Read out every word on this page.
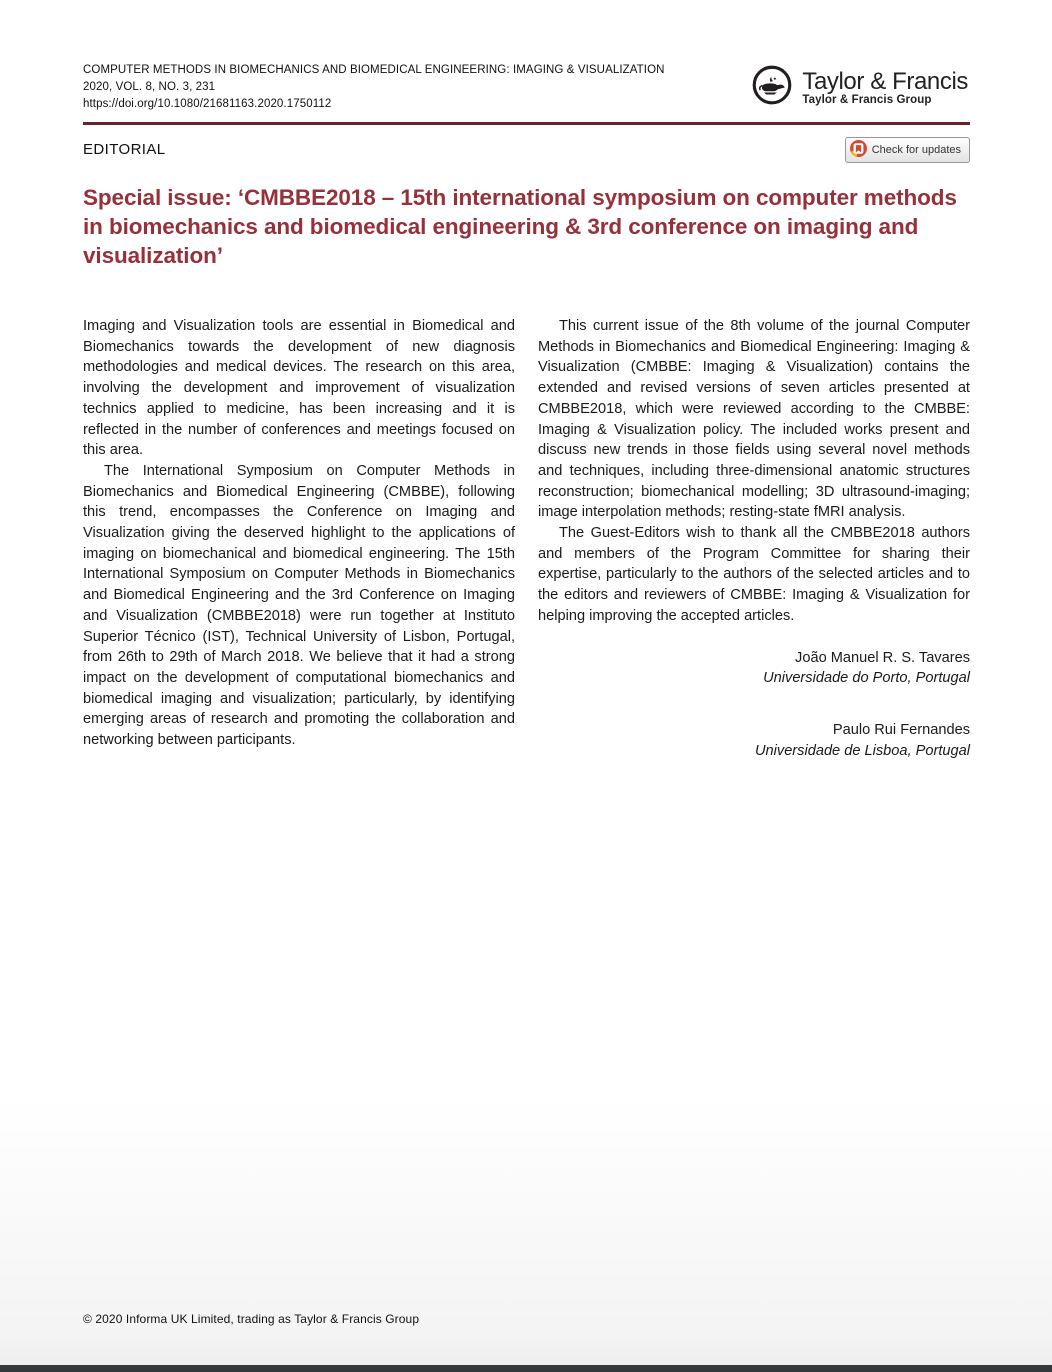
COMPUTER METHODS IN BIOMECHANICS AND BIOMEDICAL ENGINEERING: IMAGING & VISUALIZATION
2020, VOL. 8, NO. 3, 231
https://doi.org/10.1080/21681163.2020.1750112
Taylor & Francis
Taylor & Francis Group
EDITORIAL	Check for updates
Special issue: ‘CMBBE2018 – 15th international symposium on computer methods in biomechanics and biomedical engineering & 3rd conference on imaging and visualization’

Imaging and Visualization tools are essential in Biomedical and Biomechanics towards the development of new diagnosis methodologies and medical devices. The research on this area, involving the development and improvement of visualization technics applied to medicine, has been increasing and it is reflected in the number of conferences and meetings focused on this area.

The International Symposium on Computer Methods in Biomechanics and Biomedical Engineering (CMBBE), following this trend, encompasses the Conference on Imaging and Visualization giving the deserved highlight to the applications of imaging on biomechanical and biomedical engineering. The 15th International Symposium on Computer Methods in Biomechanics and Biomedical Engineering and the 3rd Conference on Imaging and Visualization (CMBBE2018) were run together at Instituto Superior Técnico (IST), Technical University of Lisbon, Portugal, from 26th to 29th of March 2018. We believe that it had a strong impact on the development of computational biomechanics and biomedical imaging and visualization; particularly, by identifying emerging areas of research and promoting the collaboration and networking between participants.

This current issue of the 8th volume of the journal Computer Methods in Biomechanics and Biomedical Engineering: Imaging & Visualization (CMBBE: Imaging & Visualization) contains the extended and revised versions of seven articles presented at CMBBE2018, which were reviewed according to the CMBBE: Imaging & Visualization policy. The included works present and discuss new trends in those fields using several novel methods and techniques, including three-dimensional anatomic structures reconstruction; biomechanical modelling; 3D ultrasound-imaging; image interpolation methods; resting-state fMRI analysis.

The Guest-Editors wish to thank all the CMBBE2018 authors and members of the Program Committee for sharing their expertise, particularly to the authors of the selected articles and to the editors and reviewers of CMBBE: Imaging & Visualization for helping improving the accepted articles.

João Manuel R. S. Tavares
Universidade do Porto, Portugal
Paulo Rui Fernandes
Universidade de Lisboa, Portugal
© 2020 Informa UK Limited, trading as Taylor & Francis Group
